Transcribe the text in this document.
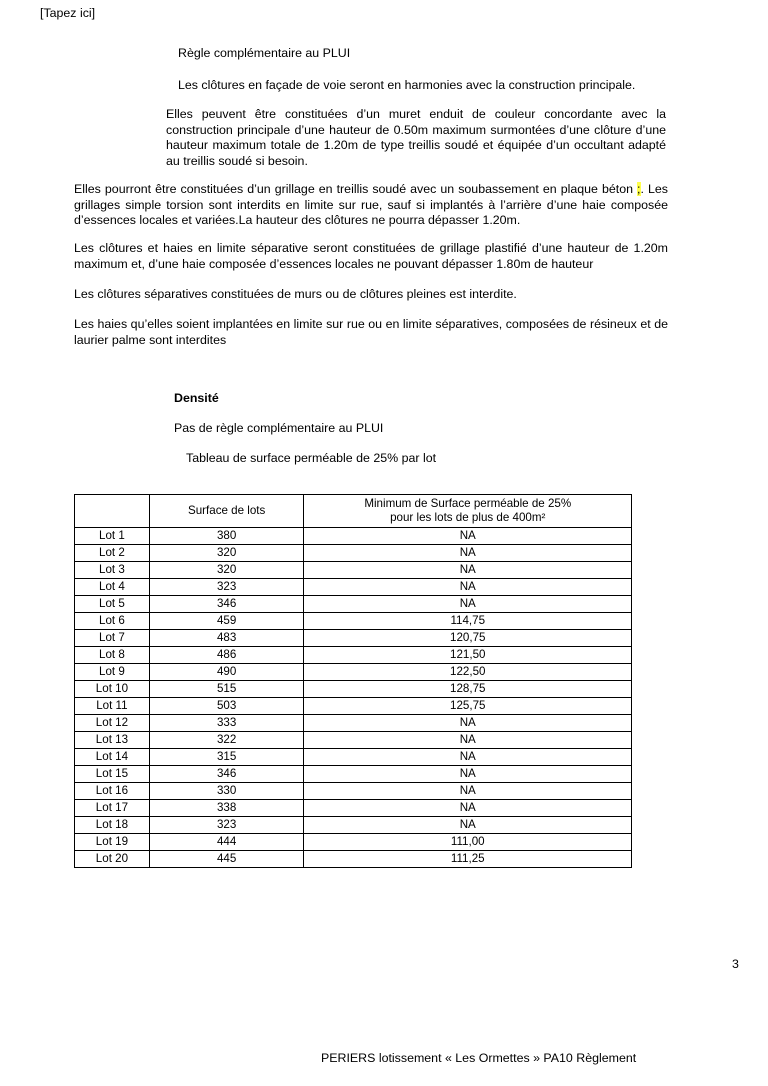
[Tapez ici]
Règle complémentaire au PLUI
Les clôtures en façade de voie seront en harmonies avec la construction principale.
Elles peuvent être constituées d’un muret enduit de couleur concordante avec la construction principale d’une hauteur de 0.50m maximum surmontées d’une clôture d’une hauteur maximum totale de 1.20m de type treillis soudé et équipée d’un occultant adapté au treillis soudé si besoin.
Elles pourront être constituées d’un grillage en treillis soudé avec un soubassement en plaque béton ;. Les grillages simple torsion sont interdits en limite sur rue, sauf si implantés à l’arrière d’une haie composée d’essences locales et variées.La hauteur des clôtures ne pourra dépasser 1.20m.
Les clôtures et haies en limite séparative seront constituées de grillage plastifié d’une hauteur de 1.20m maximum et, d’une haie composée d’essences locales ne pouvant dépasser 1.80m de hauteur
Les clôtures séparatives constituées de murs ou de clôtures pleines est interdite.
Les haies qu’elles soient implantées en limite sur rue ou en limite séparatives, composées de résineux et de laurier palme sont interdites
Densité
Pas de règle complémentaire au PLUI
Tableau de surface perméable de 25% par lot
	Surface de lots	Minimum de Surface perméable de 25% pour les lots de plus de 400m²
Lot 1	380	NA
Lot 2	320	NA
Lot 3	320	NA
Lot 4	323	NA
Lot 5	346	NA
Lot 6	459	114,75
Lot 7	483	120,75
Lot 8	486	121,50
Lot 9	490	122,50
Lot 10	515	128,75
Lot 11	503	125,75
Lot 12	333	NA
Lot 13	322	NA
Lot 14	315	NA
Lot 15	346	NA
Lot 16	330	NA
Lot 17	338	NA
Lot 18	323	NA
Lot 19	444	111,00
Lot 20	445	111,25
3
PERIERS lotissement « Les Ormettes » PA10 Règlement
